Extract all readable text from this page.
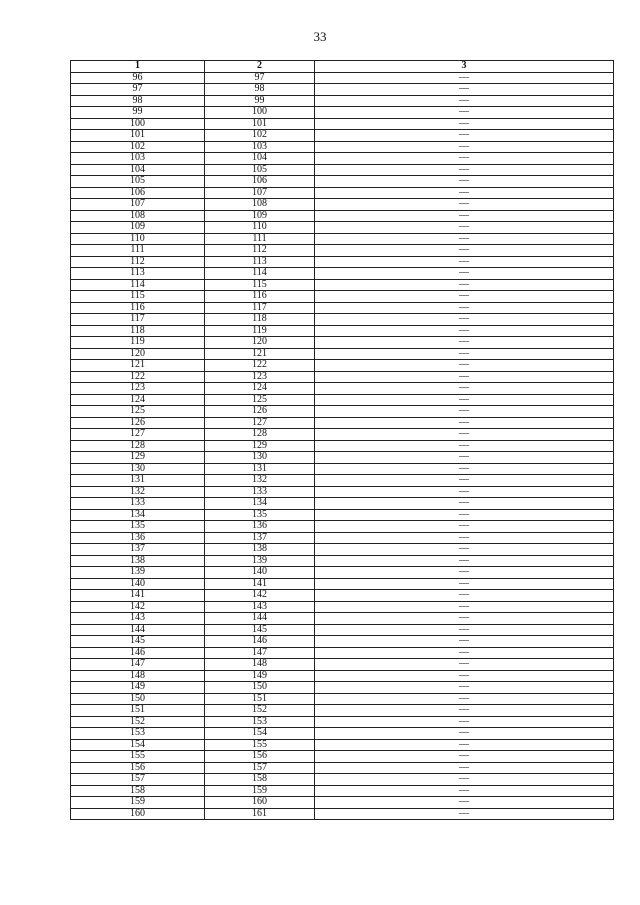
33
1	2	3
96	97	—
97	98	—
98	99	—
99	100	—
100	101	—
101	102	—
102	103	—
103	104	—
104	105	—
105	106	—
106	107	—
107	108	—
108	109	—
109	110	—
110	111	—
111	112	—
112	113	—
113	114	—
114	115	—
115	116	—
116	117	—
117	118	—
118	119	—
119	120	—
120	121	—
121	122	—
122	123	—
123	124	—
124	125	—
125	126	—
126	127	—
127	128	—
128	129	—
129	130	—
130	131	—
131	132	—
132	133	—
133	134	—
134	135	—
135	136	—
136	137	—
137	138	—
138	139	—
139	140	—
140	141	—
141	142	—
142	143	—
143	144	—
144	145	—
145	146	—
146	147	—
147	148	—
148	149	—
149	150	—
150	151	—
151	152	—
152	153	—
153	154	—
154	155	—
155	156	—
156	157	—
157	158	—
158	159	—
159	160	—
160	161	—
